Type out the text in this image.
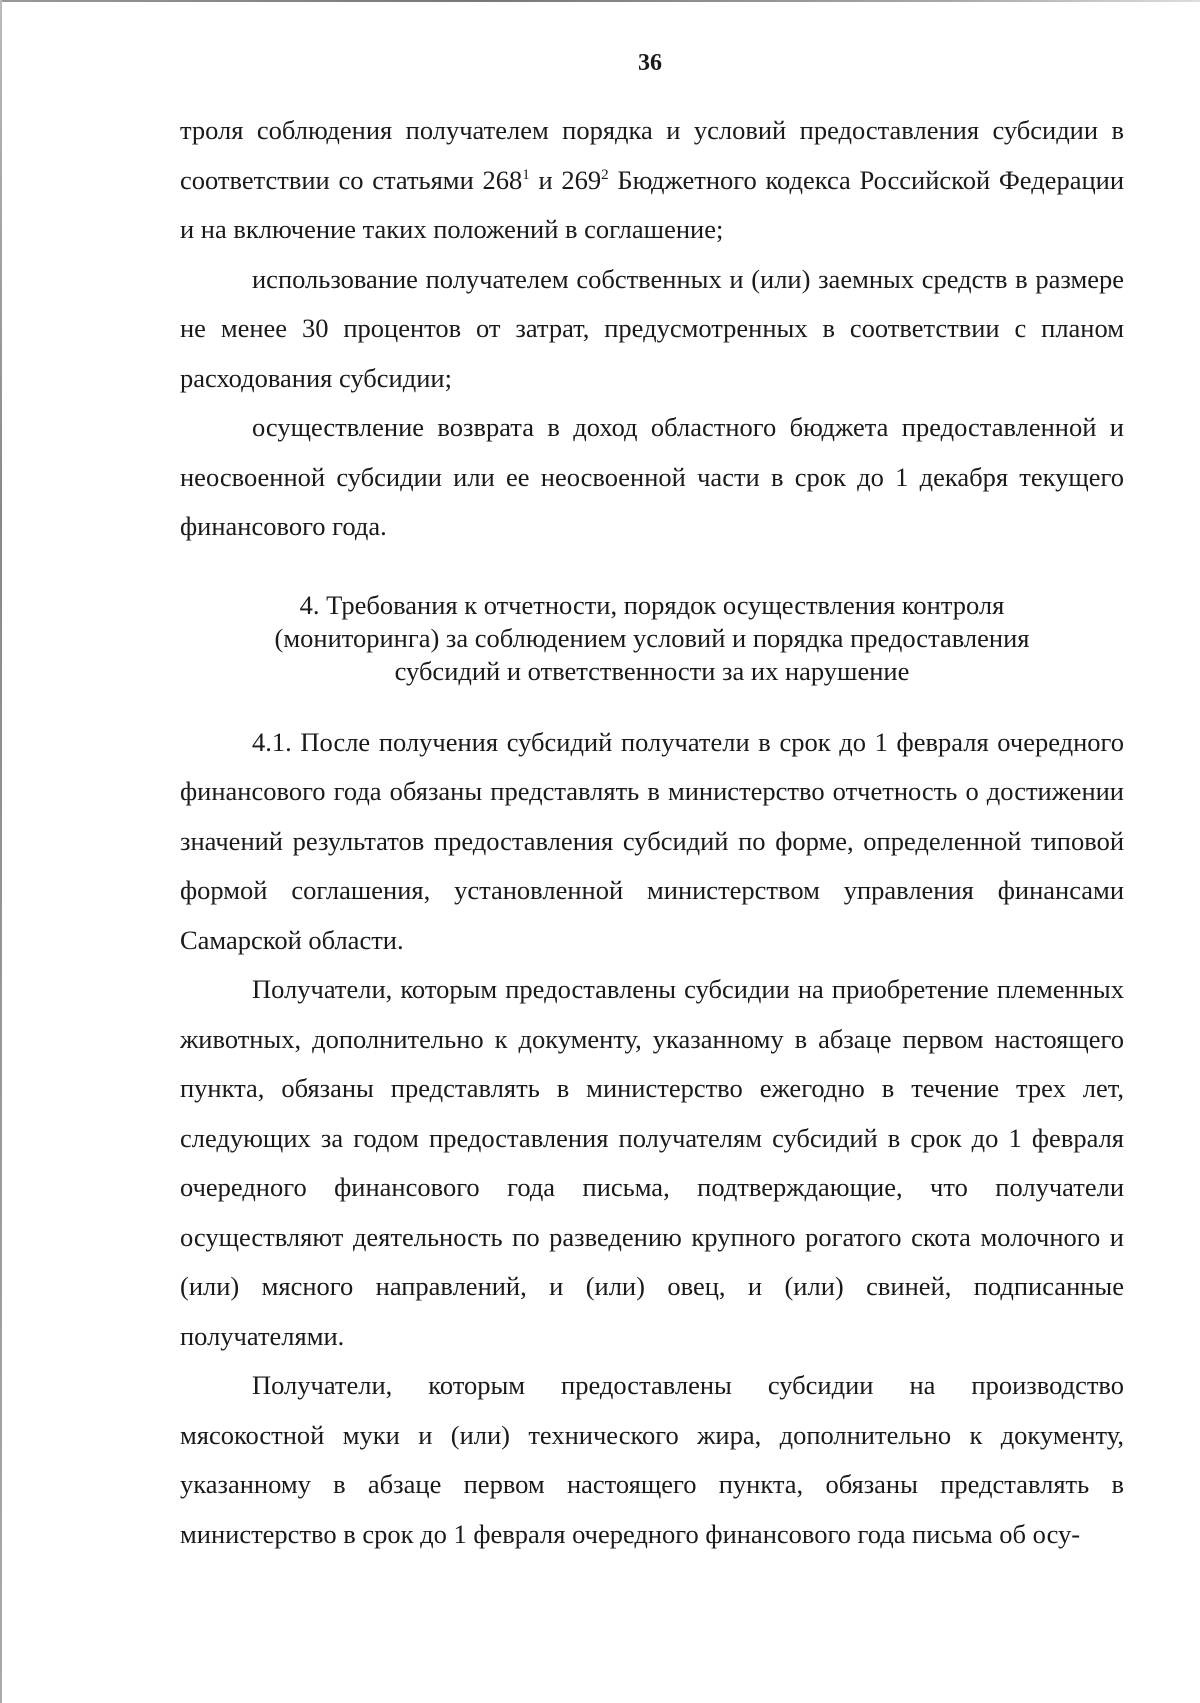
36

троля соблюдения получателем порядка и условий предоставления субсидии в соответствии со статьями $268^1$ и $269^2$ Бюджетного кодекса Российской Федерации и на включение таких положений в соглашение;

использование получателем собственных и (или) заемных средств в размере не менее 30 процентов от затрат, предусмотренных в соответствии с планом расходования субсидии;

осуществление возврата в доход областного бюджета предоставленной и неосвоенной субсидии или ее неосвоенной части в срок до 1 декабря текущего финансового года.

4. Требования к отчетности, порядок осуществления контроля
(мониторинга) за соблюдением условий и порядка предоставления
субсидий и ответственности за их нарушение

4.1. После получения субсидий получатели в срок до 1 февраля очередного финансового года обязаны представлять в министерство отчетность о достижении значений результатов предоставления субсидий по форме, определенной типовой формой соглашения, установленной министерством управления финансами Самарской области.

Получатели, которым предоставлены субсидии на приобретение племенных животных, дополнительно к документу, указанному в абзаце первом настоящего пункта, обязаны представлять в министерство ежегодно в течение трех лет, следующих за годом предоставления получателям субсидий в срок до 1 февраля очередного финансового года письма, подтверждающие, что получатели осуществляют деятельность по разведению крупного рогатого скота молочного и (или) мясного направлений, и (или) овец, и (или) свиней, подписанные получателями.

Получатели, которым предоставлены субсидии на производство мясокостной муки и (или) технического жира, дополнительно к документу, указанному в абзаце первом настоящего пункта, обязаны представлять в министерство в срок до 1 февраля очередного финансового года письма об осу-
